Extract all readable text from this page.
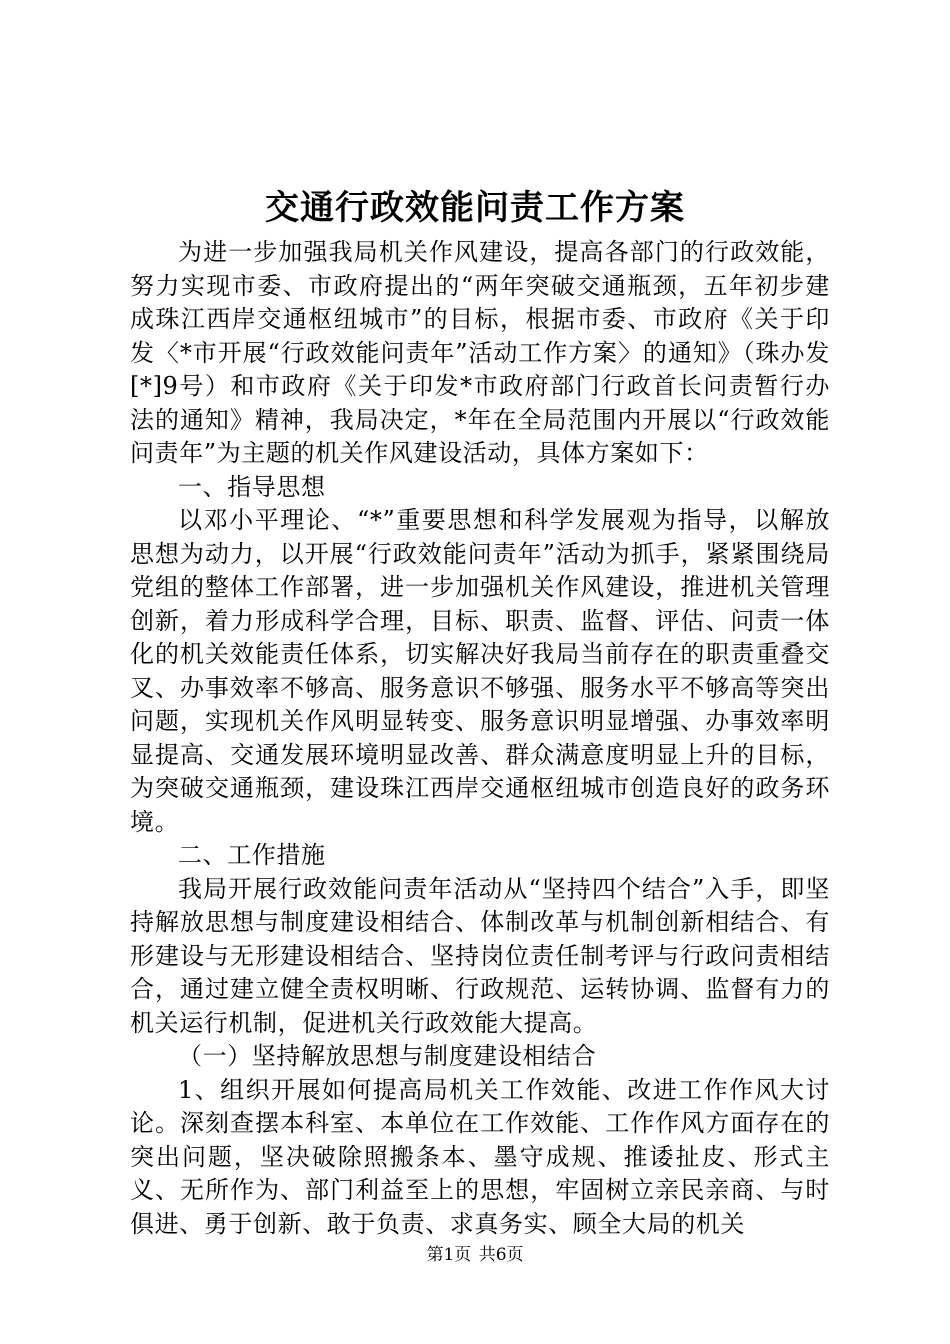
交通行政效能问责工作方案

为进一步加强我局机关作风建设，提高各部门的行政效能，努力实现市委、市政府提出的“两年突破交通瓶颈，五年初步建成珠江西岸交通枢纽城市”的目标，根据市委、市政府《关于印发〈*市开展“行政效能问责年”活动工作方案〉的通知》（珠办发[*]9号）和市政府《关于印发*市政府部门行政首长问责暂行办法的通知》精神，我局决定，*年在全局范围内开展以“行政效能问责年”为主题的机关作风建设活动，具体方案如下：

一、指导思想

以邓小平理论、“*”重要思想和科学发展观为指导，以解放思想为动力，以开展“行政效能问责年”活动为抓手，紧紧围绕局党组的整体工作部署，进一步加强机关作风建设，推进机关管理创新，着力形成科学合理，目标、职责、监督、评估、问责一体化的机关效能责任体系，切实解决好我局当前存在的职责重叠交叉、办事效率不够高、服务意识不够强、服务水平不够高等突出问题，实现机关作风明显转变、服务意识明显增强、办事效率明显提高、交通发展环境明显改善、群众满意度明显上升的目标，为突破交通瓶颈，建设珠江西岸交通枢纽城市创造良好的政务环境。

二、工作措施

我局开展行政效能问责年活动从“坚持四个结合”入手，即坚持解放思想与制度建设相结合、体制改革与机制创新相结合、有形建设与无形建设相结合、坚持岗位责任制考评与行政问责相结合，通过建立健全责权明晰、行政规范、运转协调、监督有力的机关运行机制，促进机关行政效能大提高。

（一）坚持解放思想与制度建设相结合

1、组织开展如何提高局机关工作效能、改进工作作风大讨论。深刻查摆本科室、本单位在工作效能、工作作风方面存在的突出问题，坚决破除照搬条本、墨守成规、推诿扯皮、形式主义、无所作为、部门利益至上的思想，牢固树立亲民亲商、与时俱进、勇于创新、敢于负责、求真务实、顾全大局的机关

第1页 共6页
